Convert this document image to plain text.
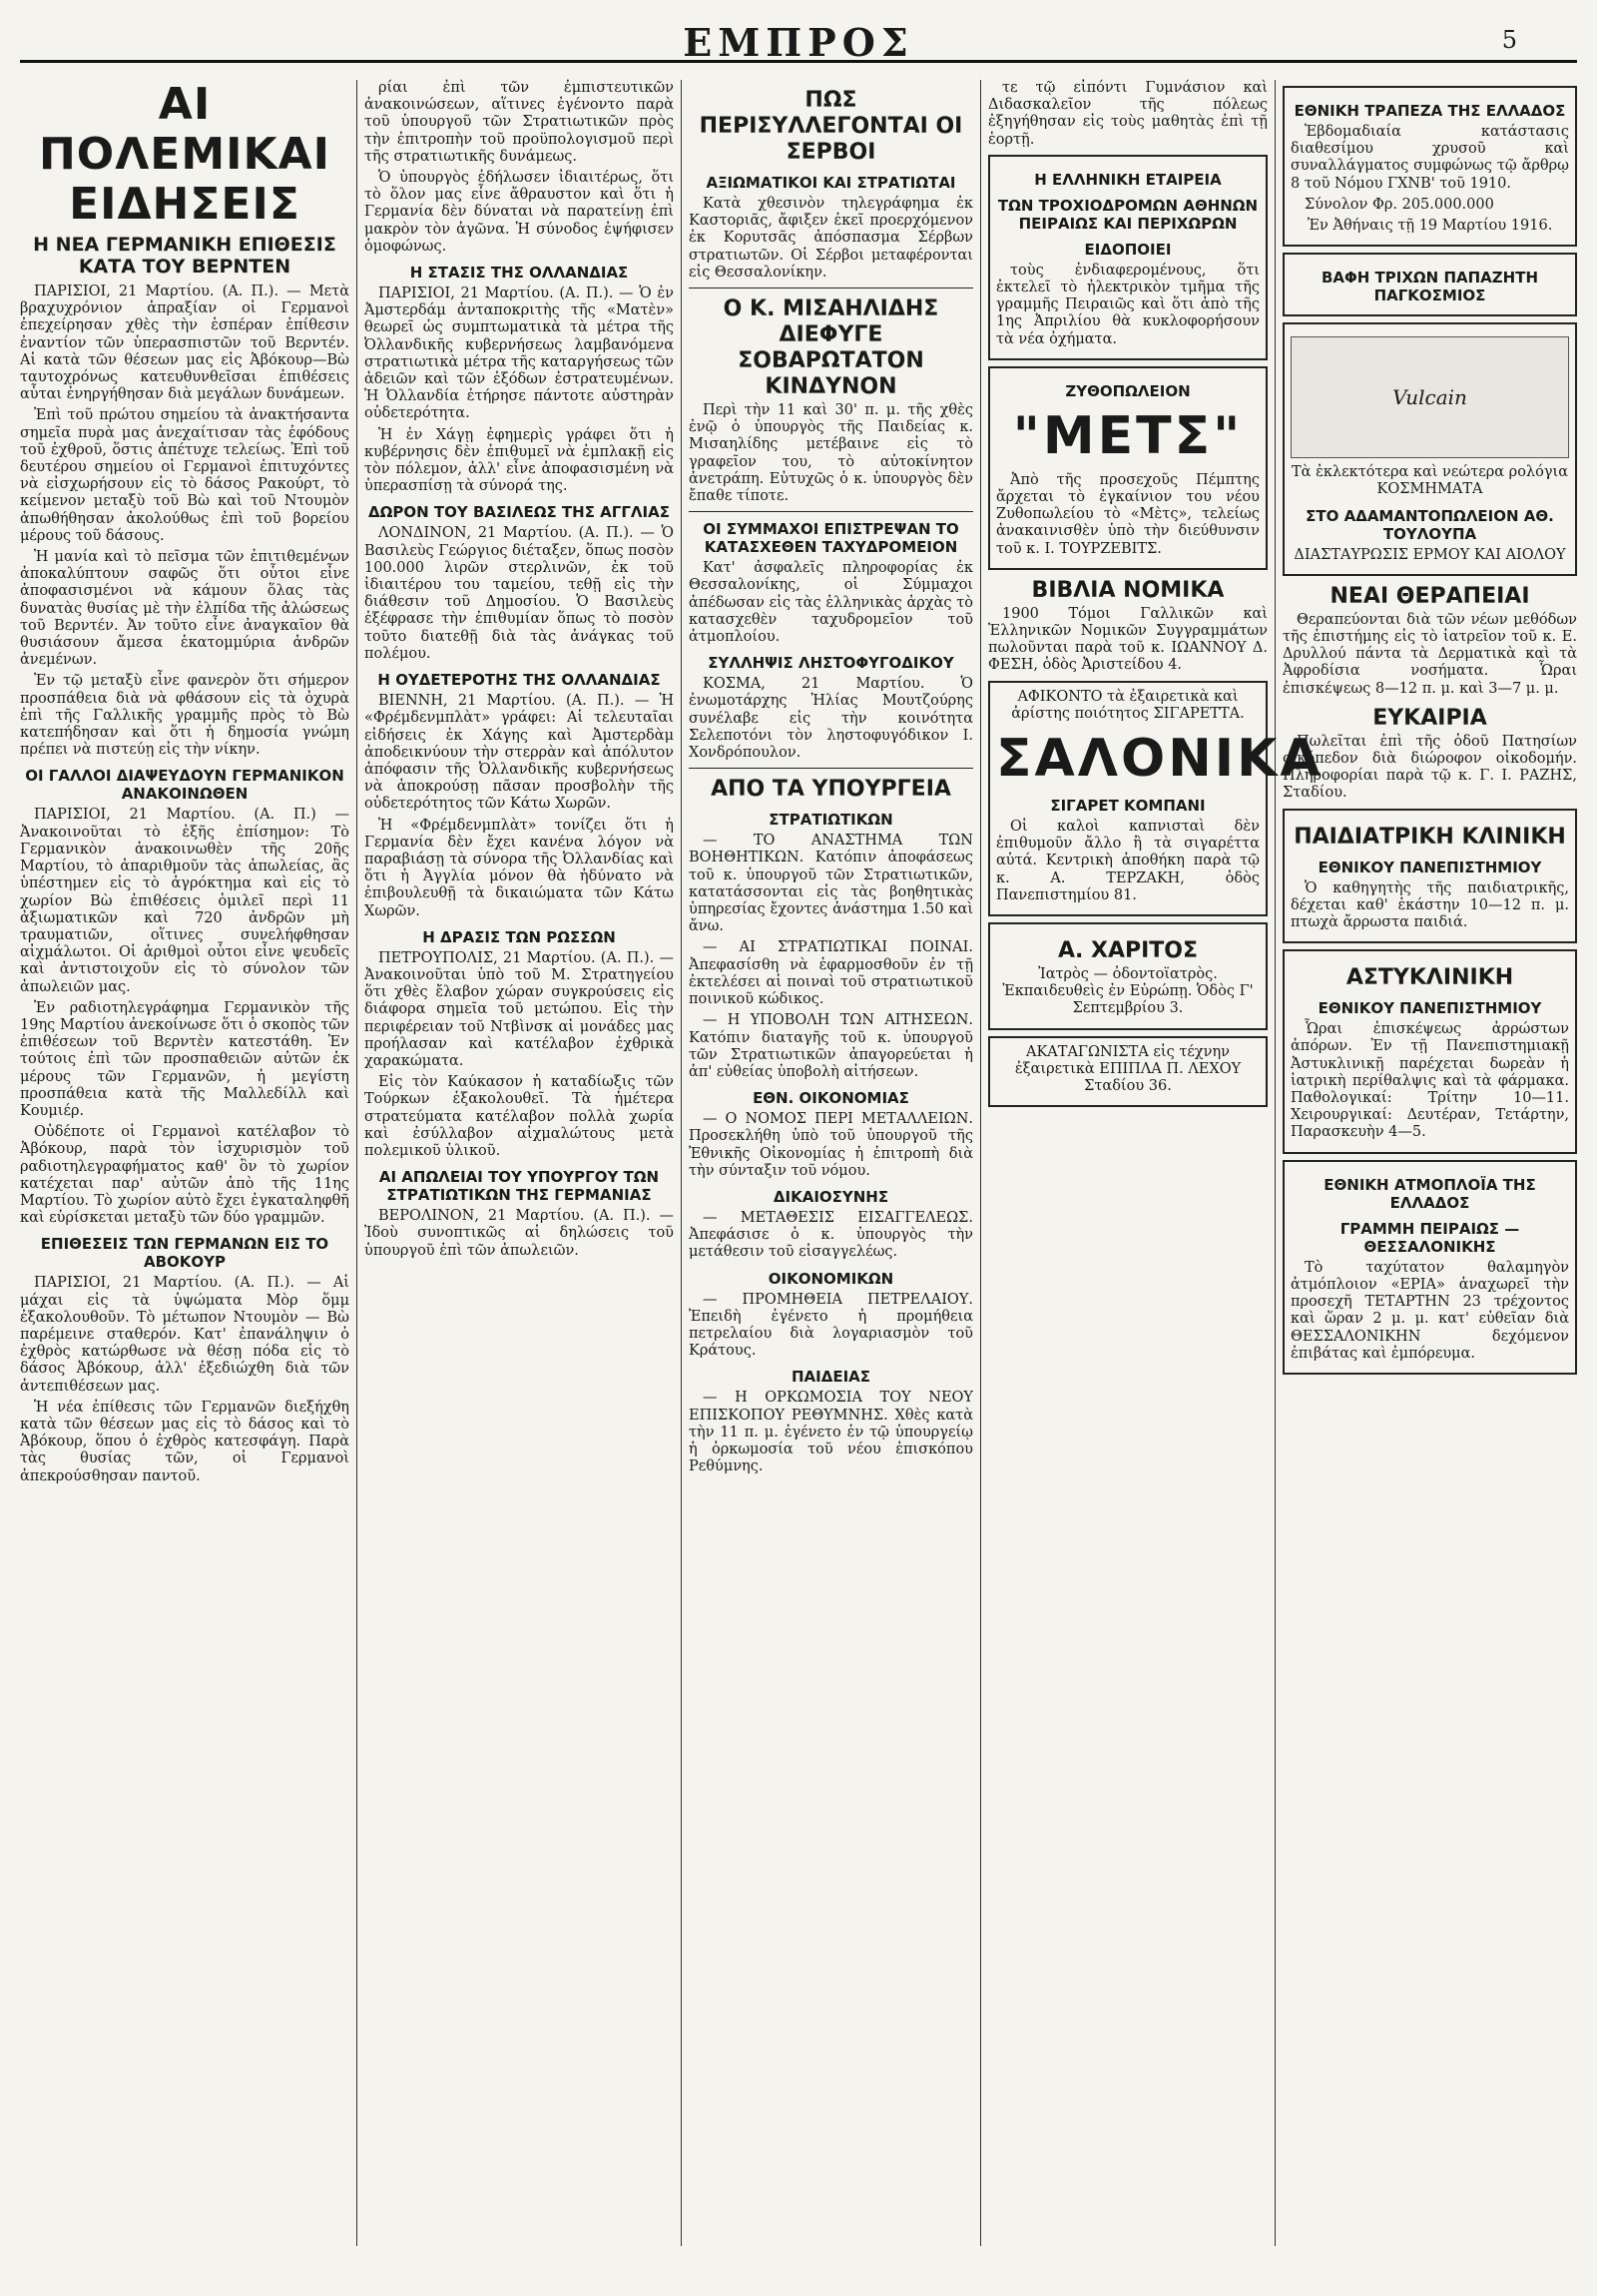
ΕΜΠΡΟΣ	5
ΑΙ ΠΟΛΕΜΙΚΑΙ ΕΙΔΗΣΕΙΣ
Η ΝΕΑ ΓΕΡΜΑΝΙΚΗ ΕΠΙΘΕΣΙΣ ΚΑΤΑ ΤΟΥ ΒΕΡΝΤΕΝ

ΠΑΡΙΣΙΟΙ, 21 Μαρτίου. (Α. Π.). — Μετὰ βραχυχρόνιον ἀπραξίαν οἱ Γερμανοὶ ἐπεχείρησαν χθὲς τὴν ἑσπέραν ἐπίθεσιν ἐναντίον τῶν ὑπερασπιστῶν τοῦ Βερντέν. Αἱ κατὰ τῶν θέσεων μας εἰς Ἀβόκουρ—Βὼ ταυτοχρόνως κατευθυνθεῖσαι ἐπιθέσεις αὗται ἐνηργήθησαν διὰ μεγάλων δυνάμεων.

Ἐπὶ τοῦ πρώτου σημείου τὰ ἀνακτήσαντα σημεῖα πυρὰ μας ἀνεχαίτισαν τὰς ἐφόδους τοῦ ἐχθροῦ, ὅστις ἀπέτυχε τελείως. Ἐπὶ τοῦ δευτέρου σημείου οἱ Γερμανοὶ ἐπιτυχόντες νὰ εἰσχωρήσουν εἰς τὸ δάσος Ρακούρτ, τὸ κείμενον μεταξὺ τοῦ Βὼ καὶ τοῦ Ντουμὸν ἀπωθήθησαν ἀκολούθως ἐπὶ τοῦ βορείου μέρους τοῦ δάσους.

Ἡ μανία καὶ τὸ πεῖσμα τῶν ἐπιτιθεμένων ἀποκαλύπτουν σαφῶς ὅτι οὗτοι εἶνε ἀποφασισμένοι νὰ κάμουν ὅλας τὰς δυνατὰς θυσίας μὲ τὴν ἐλπίδα τῆς ἀλώσεως τοῦ Βερντέν. Ἀν τοῦτο εἶνε ἀναγκαῖον θὰ θυσιάσουν ἄμεσα ἑκατομμύρια ἀνδρῶν ἀνεμένων.

Ἐν τῷ μεταξὺ εἶνε φανερὸν ὅτι σήμερον προσπάθεια διὰ νὰ φθάσουν εἰς τὰ ὀχυρὰ ἐπὶ τῆς Γαλλικῆς γραμμῆς πρὸς τὸ Βὼ κατεπήδησαν καὶ ὅτι ἡ δημοσία γνώμη πρέπει νὰ πιστεύῃ εἰς τὴν νίκην.

ΟΙ ΓΑΛΛΟΙ ΔΙΑΨΕΥΔΟΥΝ ΓΕΡΜΑΝΙΚΟΝ ΑΝΑΚΟΙΝΩΘΕΝ

ΠΑΡΙΣΙΟΙ, 21 Μαρτίου. (Α. Π.) — Ἀνακοινοῦται τὸ ἑξῆς ἐπίσημον: Τὸ Γερμανικὸν ἀνακοινωθὲν τῆς 20ῆς Μαρτίου, τὸ ἀπαριθμοῦν τὰς ἀπωλείας, ἂς ὑπέστημεν εἰς τὸ ἀγρόκτημα καὶ εἰς τὸ χωρίον Βὼ ἐπιθέσεις ὁμιλεῖ περὶ 11 ἀξιωματικῶν καὶ 720 ἀνδρῶν μὴ τραυματιῶν, οἵτινες συνελήφθησαν αἰχμάλωτοι. Οἱ ἀριθμοὶ οὗτοι εἶνε ψευδεῖς καὶ ἀντιστοιχοῦν εἰς τὸ σύνολον τῶν ἀπωλειῶν μας.

Ἐν ραδιοτηλεγράφημα Γερμανικὸν τῆς 19ης Μαρτίου ἀνεκοίνωσε ὅτι ὁ σκοπὸς τῶν ἐπιθέσεων τοῦ Βερντὲν κατεστάθη. Ἐν τούτοις ἐπὶ τῶν προσπαθειῶν αὐτῶν ἐκ μέρους τῶν Γερμανῶν, ἡ μεγίστη προσπάθεια κατὰ τῆς Μαλλεδίλλ καὶ Κουμιέρ.

Οὐδέποτε οἱ Γερμανοὶ κατέλαβον τὸ Ἀβόκουρ, παρὰ τὸν ἰσχυρισμὸν τοῦ ραδιοτηλεγραφήματος καθ' ὃν τὸ χωρίον κατέχεται παρ' αὐτῶν ἀπὸ τῆς 11ης Μαρτίου. Τὸ χωρίον αὐτὸ ἔχει ἐγκαταληφθῆ καὶ εὑρίσκεται μεταξὺ τῶν δύο γραμμῶν.

ΕΠΙΘΕΣΕΙΣ ΤΩΝ ΓΕΡΜΑΝΩΝ ΕΙΣ ΤΟ ΑΒΟΚΟΥΡ

ΠΑΡΙΣΙΟΙ, 21 Μαρτίου. (Α. Π.). — Αἱ μάχαι εἰς τὰ ὑψώματα Μὸρ ὅμμ ἐξακολουθοῦν. Τὸ μέτωπον Ντουμὸν — Βὼ παρέμεινε σταθερόν. Κατ' ἐπανάληψιν ὁ ἐχθρὸς κατώρθωσε νὰ θέσῃ πόδα εἰς τὸ δάσος Ἀβόκουρ, ἀλλ' ἐξεδιώχθη διὰ τῶν ἀντεπιθέσεων μας.

Ἡ νέα ἐπίθεσις τῶν Γερμανῶν διεξήχθη κατὰ τῶν θέσεων μας εἰς τὸ δάσος καὶ τὸ Ἀβόκουρ, ὅπου ὁ ἐχθρὸς κατεσφάγη. Παρὰ τὰς θυσίας τῶν, οἱ Γερμανοὶ ἀπεκρούσθησαν παντοῦ.

ρίαι ἐπὶ τῶν ἐμπιστευτικῶν ἀνακοινώσεων, αἵτινες ἐγένοντο παρὰ τοῦ ὑπουργοῦ τῶν Στρατιωτικῶν πρὸς τὴν ἐπιτροπὴν τοῦ προϋπολογισμοῦ περὶ τῆς στρατιωτικῆς δυνάμεως.

Ὁ ὑπουργὸς ἐδήλωσεν ἰδιαιτέρως, ὅτι τὸ ὅλον μας εἶνε ἄθραυστον καὶ ὅτι ἡ Γερμανία δὲν δύναται νὰ παρατείνῃ ἐπὶ μακρὸν τὸν ἀγῶνα. Ἡ σύνοδος ἐψήφισεν ὁμοφώνως.

Η ΣΤΑΣΙΣ ΤΗΣ ΟΛΛΑΝΔΙΑΣ

ΠΑΡΙΣΙΟΙ, 21 Μαρτίου. (Α. Π.). — Ὁ ἐν Ἀμστερδάμ ἀνταποκριτὴς τῆς «Ματὲν» θεωρεῖ ὡς συμπτωματικὰ τὰ μέτρα τῆς Ὀλλανδικῆς κυβερνήσεως λαμβανόμενα στρατιωτικὰ μέτρα τῆς καταργήσεως τῶν ἀδειῶν καὶ τῶν ἐξόδων ἐστρατευμένων. Ἡ Ὀλλανδία ἐτήρησε πάντοτε αὐστηρὰν οὐδετερότητα.

Ἡ ἐν Χάγῃ ἐφημερὶς γράφει ὅτι ἡ κυβέρνησις δὲν ἐπιθυμεῖ νὰ ἐμπλακῇ εἰς τὸν πόλεμον, ἀλλ' εἶνε ἀποφασισμένη νὰ ὑπερασπίσῃ τὰ σύνορά της.

ΔΩΡΟΝ ΤΟΥ ΒΑΣΙΛΕΩΣ ΤΗΣ ΑΓΓΛΙΑΣ

ΛΟΝΔΙΝΟΝ, 21 Μαρτίου. (Α. Π.). — Ὁ Βασιλεὺς Γεώργιος διέταξεν, ὅπως ποσὸν 100.000 λιρῶν στερλινῶν, ἐκ τοῦ ἰδιαιτέρου του ταμείου, τεθῇ εἰς τὴν διάθεσιν τοῦ Δημοσίου. Ὁ Βασιλεὺς ἐξέφρασε τὴν ἐπιθυμίαν ὅπως τὸ ποσὸν τοῦτο διατεθῇ διὰ τὰς ἀνάγκας τοῦ πολέμου.

Η ΟΥΔΕΤΕΡΟΤΗΣ ΤΗΣ ΟΛΛΑΝΔΙΑΣ

ΒΙΕΝΝΗ, 21 Μαρτίου. (Α. Π.). — Ἡ «Φρέμδενμπλὰτ» γράφει: Αἱ τελευταῖαι εἰδήσεις ἐκ Χάγης καὶ Ἀμστερδὰμ ἀποδεικνύουν τὴν στερρὰν καὶ ἀπόλυτον ἀπόφασιν τῆς Ὀλλανδικῆς κυβερνήσεως νὰ ἀποκρούσῃ πᾶσαν προσβολὴν τῆς οὐδετερότητος τῶν Κάτω Χωρῶν.

Ἡ «Φρέμδενμπλὰτ» τονίζει ὅτι ἡ Γερμανία δὲν ἔχει κανένα λόγον νὰ παραβιάσῃ τὰ σύνορα τῆς Ὀλλανδίας καὶ ὅτι ἡ Ἀγγλία μόνον θὰ ἠδύνατο νὰ ἐπιβουλευθῇ τὰ δικαιώματα τῶν Κάτω Χωρῶν.

Η ΔΡΑΣΙΣ ΤΩΝ ΡΩΣΣΩΝ

ΠΕΤΡΟΥΠΟΛΙΣ, 21 Μαρτίου. (Α. Π.). — Ἀνακοινοῦται ὑπὸ τοῦ Μ. Στρατηγείου ὅτι χθὲς ἔλαβον χώραν συγκρούσεις εἰς διάφορα σημεῖα τοῦ μετώπου. Εἰς τὴν περιφέρειαν τοῦ Ντβὶνσκ αἱ μονάδες μας προήλασαν καὶ κατέλαβον ἐχθρικὰ χαρακώματα.

Εἰς τὸν Καύκασον ἡ καταδίωξις τῶν Τούρκων ἐξακολουθεῖ. Τὰ ἡμέτερα στρατεύματα κατέλαβον πολλὰ χωρία καὶ ἐσύλλαβον αἰχμαλώτους μετὰ πολεμικοῦ ὑλικοῦ.

ΑΙ ΑΠΩΛΕΙΑΙ ΤΟΥ ΥΠΟΥΡΓΟΥ ΤΩΝ ΣΤΡΑΤΙΩΤΙΚΩΝ ΤΗΣ ΓΕΡΜΑΝΙΑΣ

ΒΕΡΟΛΙΝΟΝ, 21 Μαρτίου. (Α. Π.). — Ἰδοὺ συνοπτικῶς αἱ δηλώσεις τοῦ ὑπουργοῦ ἐπὶ τῶν ἀπωλειῶν.

ΠΩΣ ΠΕΡΙΣΥΛΛΕΓΟΝΤΑΙ ΟΙ ΣΕΡΒΟΙ
ΑΞΙΩΜΑΤΙΚΟΙ ΚΑΙ ΣΤΡΑΤΙΩΤΑΙ

Κατὰ χθεσινὸν τηλεγράφημα ἐκ Καστοριᾶς, ἄφιξεν ἐκεῖ προερχόμενον ἐκ Κορυτσᾶς ἀπόσπασμα Σέρβων στρατιωτῶν. Οἱ Σέρβοι μεταφέρονται εἰς Θεσσαλονίκην.

Ο Κ. ΜΙΣΑΗΛΙΔΗΣ ΔΙΕΦΥΓΕ ΣΟΒΑΡΩΤΑΤΟΝ ΚΙΝΔΥΝΟΝ

Περὶ τὴν 11 καὶ 30' π. μ. τῆς χθὲς ἐνῷ ὁ ὑπουργὸς τῆς Παιδείας κ. Μισαηλίδης μετέβαινε εἰς τὸ γραφεῖον του, τὸ αὐτοκίνητον ἀνετράπη. Εὐτυχῶς ὁ κ. ὑπουργὸς δὲν ἔπαθε τίποτε.

ΟΙ ΣΥΜΜΑΧΟΙ ΕΠΙΣΤΡΕΨΑΝ ΤΟ ΚΑΤΑΣΧΕΘΕΝ ΤΑΧΥΔΡΟΜΕΙΟΝ

Κατ' ἀσφαλεῖς πληροφορίας ἐκ Θεσσαλονίκης, οἱ Σύμμαχοι ἀπέδωσαν εἰς τὰς ἑλληνικὰς ἀρχὰς τὸ κατασχεθὲν ταχυδρομεῖον τοῦ ἀτμοπλοίου.

ΣΥΛΛΗΨΙΣ ΛΗΣΤΟΦΥΓΟΔΙΚΟΥ

ΚΟΣΜΑ, 21 Μαρτίου. Ὁ ἐνωμοτάρχης Ἠλίας Μουτζούρης συνέλαβε εἰς τὴν κοινότητα Σελεποτόνι τὸν ληστοφυγόδικον Ι. Χονδρόπουλον.

ΑΠΟ ΤΑ ΥΠΟΥΡΓΕΙΑ
ΣΤΡΑΤΙΩΤΙΚΩΝ

— ΤΟ ΑΝΑΣΤΗΜΑ ΤΩΝ ΒΟΗΘΗΤΙΚΩΝ. Κατόπιν ἀποφάσεως τοῦ κ. ὑπουργοῦ τῶν Στρατιωτικῶν, κατατάσσονται εἰς τὰς βοηθητικὰς ὑπηρεσίας ἔχοντες ἀνάστημα 1.50 καὶ ἄνω.

— ΑΙ ΣΤΡΑΤΙΩΤΙΚΑΙ ΠΟΙΝΑΙ. Ἀπεφασίσθη νὰ ἐφαρμοσθοῦν ἐν τῇ ἐκτελέσει αἱ ποιναὶ τοῦ στρατιωτικοῦ ποινικοῦ κώδικος.

— Η ΥΠΟΒΟΛΗ ΤΩΝ ΑΙΤΗΣΕΩΝ. Κατόπιν διαταγῆς τοῦ κ. ὑπουργοῦ τῶν Στρατιωτικῶν ἀπαγορεύεται ἡ ἀπ' εὐθείας ὑποβολὴ αἰτήσεων.

ΕΘΝ. ΟΙΚΟΝΟΜΙΑΣ

— Ο ΝΟΜΟΣ ΠΕΡΙ ΜΕΤΑΛΛΕΙΩΝ. Προσεκλήθη ὑπὸ τοῦ ὑπουργοῦ τῆς Ἐθνικῆς Οἰκονομίας ἡ ἐπιτροπὴ διὰ τὴν σύνταξιν τοῦ νόμου.

ΔΙΚΑΙΟΣΥΝΗΣ

— ΜΕΤΑΘΕΣΙΣ ΕΙΣΑΓΓΕΛΕΩΣ. Ἀπεφάσισε ὁ κ. ὑπουργὸς τὴν μετάθεσιν τοῦ εἰσαγγελέως.

ΟΙΚΟΝΟΜΙΚΩΝ

— ΠΡΟΜΗΘΕΙΑ ΠΕΤΡΕΛΑΙΟΥ. Ἐπειδὴ ἐγένετο ἡ προμήθεια πετρελαίου διὰ λογαριασμὸν τοῦ Κράτους.

ΠΑΙΔΕΙΑΣ

— Η ΟΡΚΩΜΟΣΙΑ ΤΟΥ ΝΕΟΥ ΕΠΙΣΚΟΠΟΥ ΡΕΘΥΜΝΗΣ. Χθὲς κατὰ τὴν 11 π. μ. ἐγένετο ἐν τῷ ὑπουργείῳ ἡ ὁρκωμοσία τοῦ νέου ἐπισκόπου Ρεθύμνης.

τε τῷ εἰπόντι Γυμνάσιον καὶ Διδασκαλεῖον τῆς πόλεως ἐξηγήθησαν εἰς τοὺς μαθητὰς ἐπὶ τῇ ἑορτῇ.

Η ΕΛΛΗΝΙΚΗ ΕΤΑΙΡΕΙΑ
ΤΩΝ ΤΡΟΧΙΟΔΡΟΜΩΝ ΑΘΗΝΩΝ ΠΕΙΡΑΙΩΣ ΚΑΙ ΠΕΡΙΧΩΡΩΝ
ΕΙΔΟΠΟΙΕΙ

τοὺς ἐνδιαφερομένους, ὅτι ἐκτελεῖ τὸ ἠλεκτρικὸν τμῆμα τῆς γραμμῆς Πειραιῶς καὶ ὅτι ἀπὸ τῆς 1ης Ἀπριλίου θὰ κυκλοφορήσουν τὰ νέα ὀχήματα.

ΖΥΘΟΠΩΛΕΙΟΝ
"ΜΕΤΣ"

Ἀπὸ τῆς προσεχοῦς Πέμπτης ἄρχεται τὸ ἐγκαίνιον του νέου Ζυθοπωλείου τὸ «Μὲτς», τελείως ἀνακαινισθὲν ὑπὸ τὴν διεύθυνσιν τοῦ κ. Ι. ΤΟΥΡΖΕΒΙΤΣ.

ΒΙΒΛΙΑ ΝΟΜΙΚΑ

1900 Τόμοι Γαλλικῶν καὶ Ἑλληνικῶν Νομικῶν Συγγραμμάτων πωλοῦνται παρὰ τοῦ κ. ΙΩΑΝΝΟΥ Δ. ΦΕΣΗ, ὁδὸς Ἀριστείδου 4.

ΑΦΙΚΟΝΤΟ τὰ ἐξαιρετικὰ καὶ ἀρίστης ποιότητος ΣΙΓΑΡΕΤΤΑ.

ΣΑΛΟΝΙΚΑ
ΣΙΓΑΡΕΤ ΚΟΜΠΑΝΙ

Οἱ καλοὶ καπνισταὶ δὲν ἐπιθυμοῦν ἄλλο ἢ τὰ σιγαρέττα αὐτά. Κεντρικὴ ἀποθήκη παρὰ τῷ κ. Α. ΤΕΡΖΑΚΗ, ὁδὸς Πανεπιστημίου 81.

Α. ΧΑΡΙΤΟΣ

Ἰατρὸς — ὀδοντοϊατρὸς. Ἐκπαιδευθεὶς ἐν Εὐρώπῃ. Ὁδὸς Γ' Σεπτεμβρίου 3.

ΑΚΑΤΑΓΩΝΙΣΤΑ εἰς τέχνην ἐξαιρετικὰ ΕΠΙΠΛΑ Π. ΛΕΧΟΥ Σταδίου 36.

ΕΘΝΙΚΗ ΤΡΑΠΕΖΑ ΤΗΣ ΕΛΛΑΔΟΣ

Ἑβδομαδιαία κατάστασις διαθεσίμου χρυσοῦ καὶ συναλλάγματος συμφώνως τῷ ἄρθρῳ 8 τοῦ Νόμου ΓΧΝΒ' τοῦ 1910.

Σύνολον Φρ. 205.000.000

Ἐν Ἀθήναις τῇ 19 Μαρτίου 1916.

ΒΑΦΗ ΤΡΙΧΩΝ ΠΑΠΑΖΗΤΗ ΠΑΓΚΟΣΜΙΟΣ
Vulcain

Τὰ ἐκλεκτότερα καὶ νεώτερα ρολόγια ΚΟΣΜΗΜΑΤΑ

ΣΤΟ ΑΔΑΜΑΝΤΟΠΩΛΕΙΟΝ ΑΘ. ΤΟΥΛΟΥΠΑ

ΔΙΑΣΤΑΥΡΩΣΙΣ ΕΡΜΟΥ ΚΑΙ ΑΙΟΛΟΥ

ΝΕΑΙ ΘΕΡΑΠΕΙΑΙ

Θεραπεύονται διὰ τῶν νέων μεθόδων τῆς ἐπιστήμης εἰς τὸ ἰατρεῖον τοῦ κ. Ε. Δρυλλού πάντα τὰ Δερματικὰ καὶ τὰ Ἀφροδίσια νοσήματα. Ὧραι ἐπισκέψεως 8—12 π. μ. καὶ 3—7 μ. μ.

ΕΥΚΑΙΡΙΑ

Πωλεῖται ἐπὶ τῆς ὁδοῦ Πατησίων οἰκόπεδον διὰ διώροφον οἰκοδομήν. Πληροφορίαι παρὰ τῷ κ. Γ. Ι. ΡΑΖΗΣ, Σταδίου.

ΠΑΙΔΙΑΤΡΙΚΗ ΚΛΙΝΙΚΗ
ΕΘΝΙΚΟΥ ΠΑΝΕΠΙΣΤΗΜΙΟΥ

Ὁ καθηγητὴς τῆς παιδιατρικῆς, δέχεται καθ' ἑκάστην 10—12 π. μ. πτωχὰ ἄρρωστα παιδιά.

ΑΣΤΥΚΛΙΝΙΚΗ
ΕΘΝΙΚΟΥ ΠΑΝΕΠΙΣΤΗΜΙΟΥ

Ὧραι ἐπισκέψεως ἀρρώστων ἀπόρων. Ἐν τῇ Πανεπιστημιακῇ Ἀστυκλινικῇ παρέχεται δωρεὰν ἡ ἰατρικὴ περίθαλψις καὶ τὰ φάρμακα. Παθολογικαί: Τρίτην 10—11. Χειρουργικαί: Δευτέραν, Τετάρτην, Παρασκευὴν 4—5.

ΕΘΝΙΚΗ ΑΤΜΟΠΛΟΪΑ ΤΗΣ ΕΛΛΑΔΟΣ
ΓΡΑΜΜΗ ΠΕΙΡΑΙΩΣ — ΘΕΣΣΑΛΟΝΙΚΗΣ

Τὸ ταχύτατον θαλαμηγὸν ἀτμόπλοιον «ΕΡΙΑ» ἀναχωρεῖ τὴν προσεχῆ ΤΕΤΑΡΤΗΝ 23 τρέχοντος καὶ ὥραν 2 μ. μ. κατ' εὐθεῖαν διὰ ΘΕΣΣΑΛΟΝΙΚΗΝ δεχόμενον ἐπιβάτας καὶ ἐμπόρευμα.
